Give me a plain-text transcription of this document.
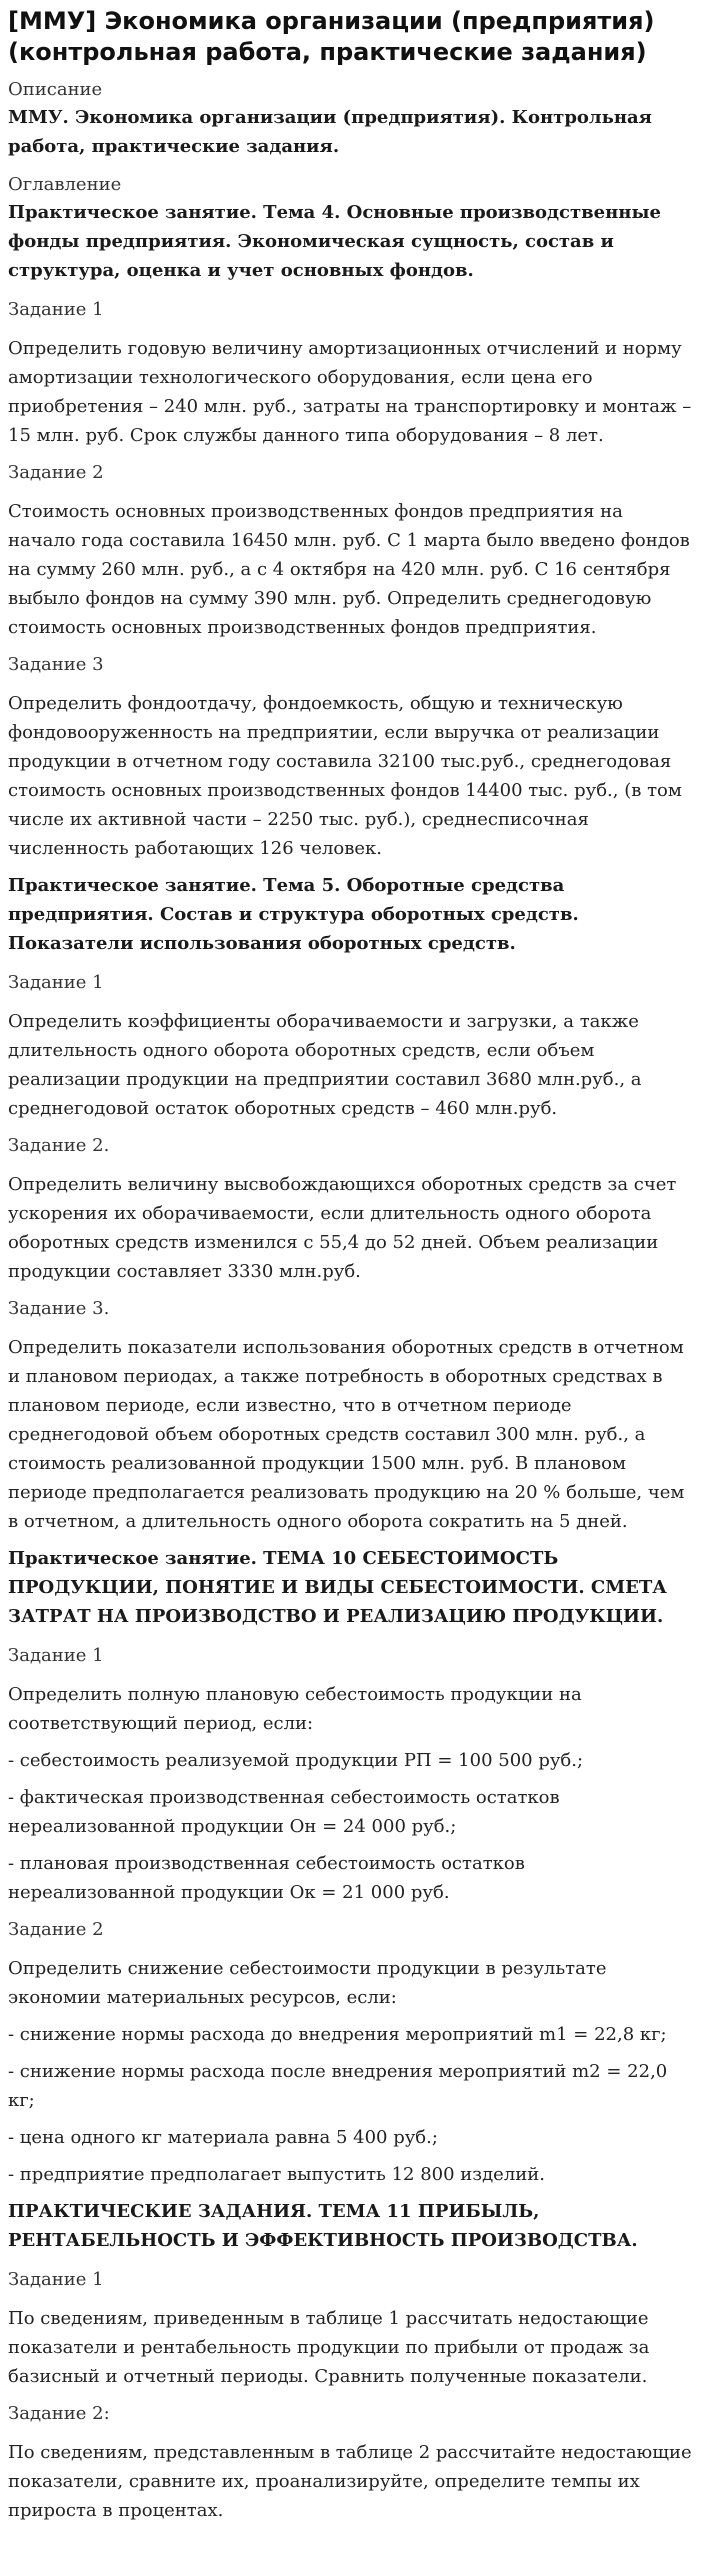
[ММУ] Экономика организации (предприятия) (контрольная работа, практические задания)

Описание

ММУ. Экономика организации (предприятия). Контрольная работа, практические задания.

Оглавление

Практическое занятие. Тема 4. Основные производственные фонды предприятия. Экономическая сущность, состав и структура, оценка и учет основных фондов.

Задание 1

Определить годовую величину амортизационных отчислений и норму амортизации технологического оборудования, если цена его приобретения – 240 млн. руб., затраты на транспортировку и монтаж – 15 млн. руб. Срок службы данного типа оборудования – 8 лет.

Задание 2

Стоимость основных производственных фондов предприятия на начало года составила 16450 млн. руб. С 1 марта было введено фондов на сумму 260 млн. руб., а с 4 октября на 420 млн. руб. С 16 сентября выбыло фондов на сумму 390 млн. руб. Определить среднегодовую стоимость основных производственных фондов предприятия.

Задание 3

Определить фондоотдачу, фондоемкость, общую и техническую фондовооруженность на предприятии, если выручка от реализации продукции в отчетном году составила 32100 тыс.руб., среднегодовая стоимость основных производственных фондов 14400 тыс. руб., (в том числе их активной части – 2250 тыс. руб.), среднесписочная численность работающих 126 человек.

Практическое занятие. Тема 5. Оборотные средства предприятия. Состав и структура оборотных средств. Показатели использования оборотных средств.

Задание 1

Определить коэффициенты оборачиваемости и загрузки, а также длительность одного оборота оборотных средств, если объем реализации продукции на предприятии составил 3680 млн.руб., а среднегодовой остаток оборотных средств – 460 млн.руб.

Задание 2.

Определить величину высвобождающихся оборотных средств за счет ускорения их оборачиваемости, если длительность одного оборота оборотных средств изменился с 55,4 до 52 дней. Объем реализации продукции составляет 3330 млн.руб.

Задание 3.

Определить показатели использования оборотных средств в отчетном и плановом периодах, а также потребность в оборотных средствах в плановом периоде, если известно, что в отчетном периоде среднегодовой объем оборотных средств составил 300 млн. руб., а стоимость реализованной продукции 1500 млн. руб. В плановом периоде предполагается реализовать продукцию на 20 % больше, чем в отчетном, а длительность одного оборота сократить на 5 дней.

Практическое занятие. ТЕМА 10 СЕБЕСТОИМОСТЬ ПРОДУКЦИИ, ПОНЯТИЕ И ВИДЫ СЕБЕСТОИМОСТИ. СМЕТА ЗАТРАТ НА ПРОИЗВОДСТВО И РЕАЛИЗАЦИЮ ПРОДУКЦИИ.

Задание 1

Определить полную плановую себестоимость продукции на соответствующий период, если:

- себестоимость реализуемой продукции РП = 100 500 руб.;

- фактическая производственная себестоимость остатков нереализованной продукции Он = 24 000 руб.;

- плановая производственная себестоимость остатков нереализованной продукции Ок = 21 000 руб.

Задание 2

Определить снижение себестоимости продукции в результате экономии материальных ресурсов, если:

- снижение нормы расхода до внедрения мероприятий m1 = 22,8 кг;

- снижение нормы расхода после внедрения мероприятий m2 = 22,0 кг;

- цена одного кг материала равна 5 400 руб.;

- предприятие предполагает выпустить 12 800 изделий.

ПРАКТИЧЕСКИЕ ЗАДАНИЯ. ТЕМА 11 ПРИБЫЛЬ, РЕНТАБЕЛЬНОСТЬ И ЭФФЕКТИВНОСТЬ ПРОИЗВОДСТВА.

Задание 1

По сведениям, приведенным в таблице 1 рассчитать недостающие показатели и рентабельность продукции по прибыли от продаж за базисный и отчетный периоды. Сравнить полученные показатели.

Задание 2:

По сведениям, представленным в таблице 2 рассчитайте недостающие показатели, сравните их, проанализируйте, определите темпы их прироста в процентах.
